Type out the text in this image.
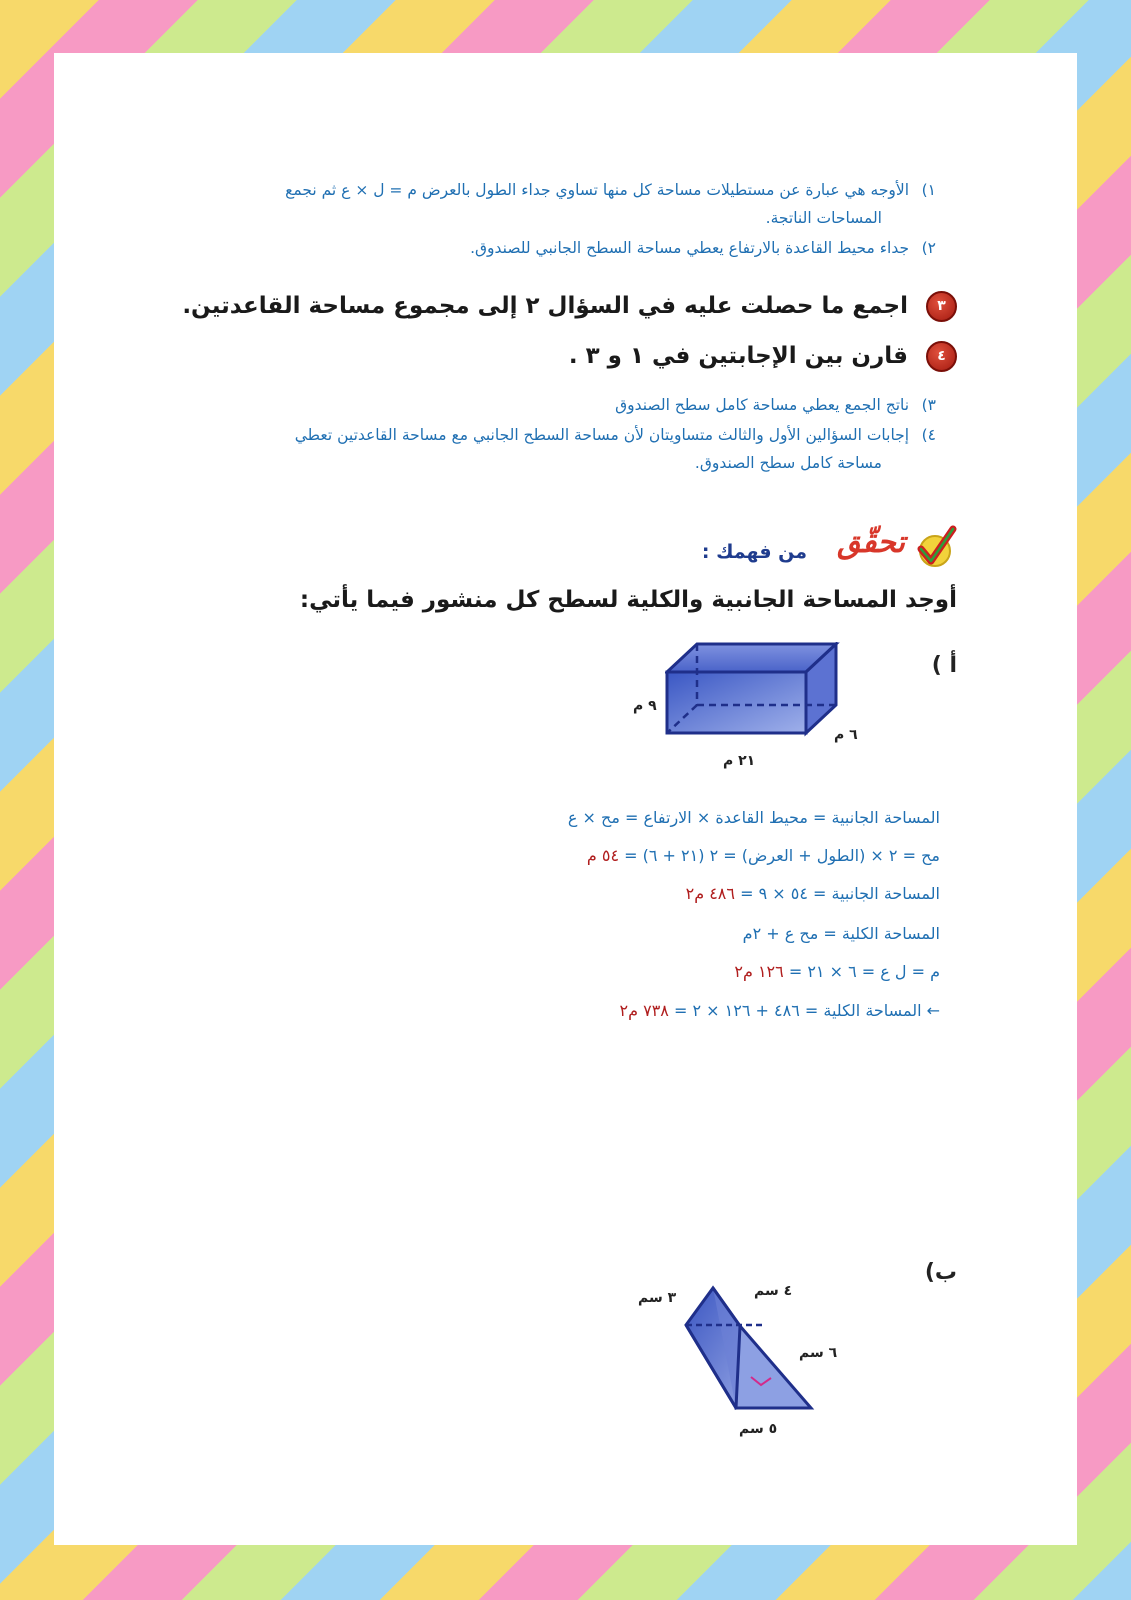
١) الأوجه هي عبارة عن مستطيلات مساحة كل منها تساوي جداء الطول بالعرض م = ل × ع ثم نجمع
المساحات الناتجة.
٢) جداء محيط القاعدة بالارتفاع يعطي مساحة السطح الجانبي للصندوق.
٣ اجمع ما حصلت عليه في السؤال ٢ إلى مجموع مساحة القاعدتين.
٤ قارن بين الإجابتين في ١ و ٣ .
٣) ناتج الجمع يعطي مساحة كامل سطح الصندوق
٤) إجابات السؤالين الأول والثالث متساويتان لأن مساحة السطح الجانبي مع مساحة القاعدتين تعطي
مساحة كامل سطح الصندوق.
تحقّق
من فهمك :
أوجد المساحة الجانبية والكلية لسطح كل منشور فيما يأتي:
أ )
٩ م
٦ م
٢١ م
المساحة الجانبية = محيط القاعدة × الارتفاع = مح × ع
مح = ٢ × (الطول + العرض) = ٢ (٢١ + ٦) = ٥٤ م
المساحة الجانبية = ٥٤ × ٩ = ٤٨٦ م٢
المساحة الكلية = مح ع + ٢م
م = ل ع = ٦ × ٢١ = ١٢٦ م٢
← المساحة الكلية = ٤٨٦ + ١٢٦ × ٢ = ٧٣٨ م٢
ب)
٣ سم	٤ سم
٦ سم
٥ سم
